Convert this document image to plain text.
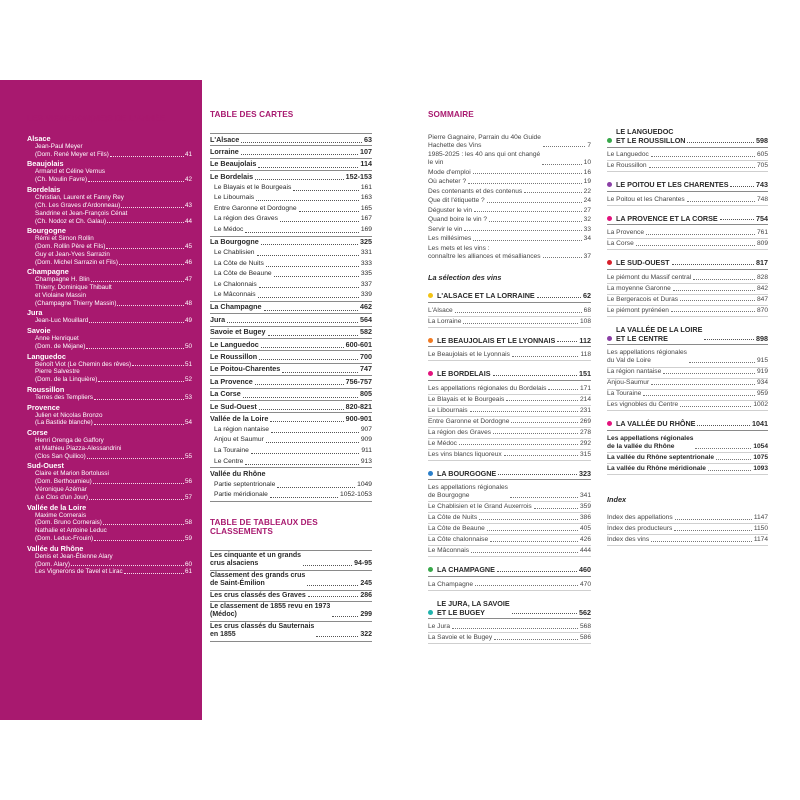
LES VIGNERON(NE)S DE L'ANNÉE
Alsace
Jean-Paul Meyer
(Dom. René Meyer et Fils)	41
Beaujolais
Armand et Céline Vernus
(Ch. Moulin Favre)	42
Bordelais
Christian, Laurent et Fanny Rey
(Ch. Les Graves d'Ardonneau)	43
Sandrine et Jean-François Cénat
(Ch. Nodoz et Ch. Galau)	44
Bourgogne
Rémi et Simon Rollin
(Dom. Rollin Père et Fils)	45
Guy et Jean-Yves Sarrazin
(Dom. Michel Sarrazin et Fils)	46
Champagne
Champagne H. Blin	47
Thierry, Dominique Thibault
et Violaine Massin
(Champagne Thierry Massin)	48
Jura
Jean-Luc Mouillard	49
Savoie
Anne Henriquet
(Dom. de Méjane)	50
Languedoc
Benoît Viot (Le Chemin des rêves)	51
Pierre Salvestre
(Dom. de la Linquière)	52
Roussillon
Terres des Templiers	53
Provence
Julien et Nicolas Bronzo
(La Bastide blanche)	54
Corse
Henri Orenga de Gaffory
et Mathieu Piazza-Alessandrini
(Clos San Quilico)	55
Sud-Ouest
Claire et Marion Bortolussi
(Dom. Berthoumieu)	56
Véronique Azémar
(Le Clos d'un Jour)	57
Vallée de la Loire
Maxime Cornerais
(Dom. Bruno Cornerais)	58
Nathalie et Antoine Leduc
(Dom. Leduc-Frouin)	59
Vallée du Rhône
Denis et Jean-Étienne Alary
(Dom. Alary)	60
Les Vignerons de Tavel et Lirac	61
TABLE DES CARTES
L'Alsace	63
Lorraine	107
Le Beaujolais	114
Le Bordelais	152-153
Le Blayais et le Bourgeais	161
Le Libournais	163
Entre Garonne et Dordogne	165
La région des Graves	167
Le Médoc	169
La Bourgogne	325
Le Chablisien	331
La Côte de Nuits	333
La Côte de Beaune	335
Le Chalonnais	337
Le Mâconnais	339
La Champagne	462
Jura	564
Savoie et Bugey	582
Le Languedoc	600-601
Le Roussillon	700
Le Poitou-Charentes	747
La Provence	756-757
La Corse	805
Le Sud-Ouest	820-821
Vallée de la Loire	900-901
La région nantaise	907
Anjou et Saumur	909
La Touraine	911
Le Centre	913
Vallée du Rhône
Partie septentrionale	1049
Partie méridionale	1052-1053
TABLE DE TABLEAUX DES CLASSEMENTS
Les cinquante et un grands
crus alsaciens	94-95
Classement des grands crus
de Saint-Émilion	245
Les crus classés des Graves	286
Le classement de 1855 revu en 1973
(Médoc)	299
Les crus classés du Sauternais
en 1855	322
SOMMAIRE
Pierre Gagnaire, Parrain du 40e Guide
Hachette des Vins	7
1985-2025 : les 40 ans qui ont changé
le vin	10
Mode d'emploi	16
Où acheter ?	19
Des contenants et des contenus	22
Que dit l'étiquette ?	24
Déguster le vin	27
Quand boire le vin ?	32
Servir le vin	33
Les millésimes	34
Les mets et les vins :
connaître les alliances et mésalliances	37
La sélection des vins
L'ALSACE ET LA LORRAINE	62
L'Alsace	68
La Lorraine	108
LE BEAUJOLAIS ET LE LYONNAIS	112
Le Beaujolais et le Lyonnais	118
LE BORDELAIS	151
Les appellations régionales du Bordelais	171
Le Blayais et le Bourgeais	214
Le Libournais	231
Entre Garonne et Dordogne	269
La région des Graves	278
Le Médoc	292
Les vins blancs liquoreux	315
LA BOURGOGNE	323
Les appellations régionales
de Bourgogne	341
Le Chablisien et le Grand Auxerrois	359
La Côte de Nuits	386
La Côte de Beaune	405
La Côte chalonnaise	426
Le Mâconnais	444
LA CHAMPAGNE	460
La Champagne	470
LE JURA, LA SAVOIE
ET LE BUGEY	562
Le Jura	568
La Savoie et le Bugey	586
LE LANGUEDOC
ET LE ROUSSILLON	598
Le Languedoc	605
Le Roussillon	705
LE POITOU ET LES CHARENTES	743
Le Poitou et les Charentes	748
LA PROVENCE ET LA CORSE	754
La Provence	761
La Corse	809
LE SUD-OUEST	817
Le piémont du Massif central	828
La moyenne Garonne	842
Le Bergeracois et Duras	847
Le piémont pyrénéen	870
LA VALLÉE DE LA LOIRE
ET LE CENTRE	898
Les appellations régionales
du Val de Loire	915
La région nantaise	919
Anjou-Saumur	934
La Touraine	959
Les vignobles du Centre	1002
LA VALLÉE DU RHÔNE	1041
Les appellations régionales
de la vallée du Rhône	1054
La vallée du Rhône septentrionale	1075
La vallée du Rhône méridionale	1093
Index
Index des appellations	1147
Index des producteurs	1150
Index des vins	1174
